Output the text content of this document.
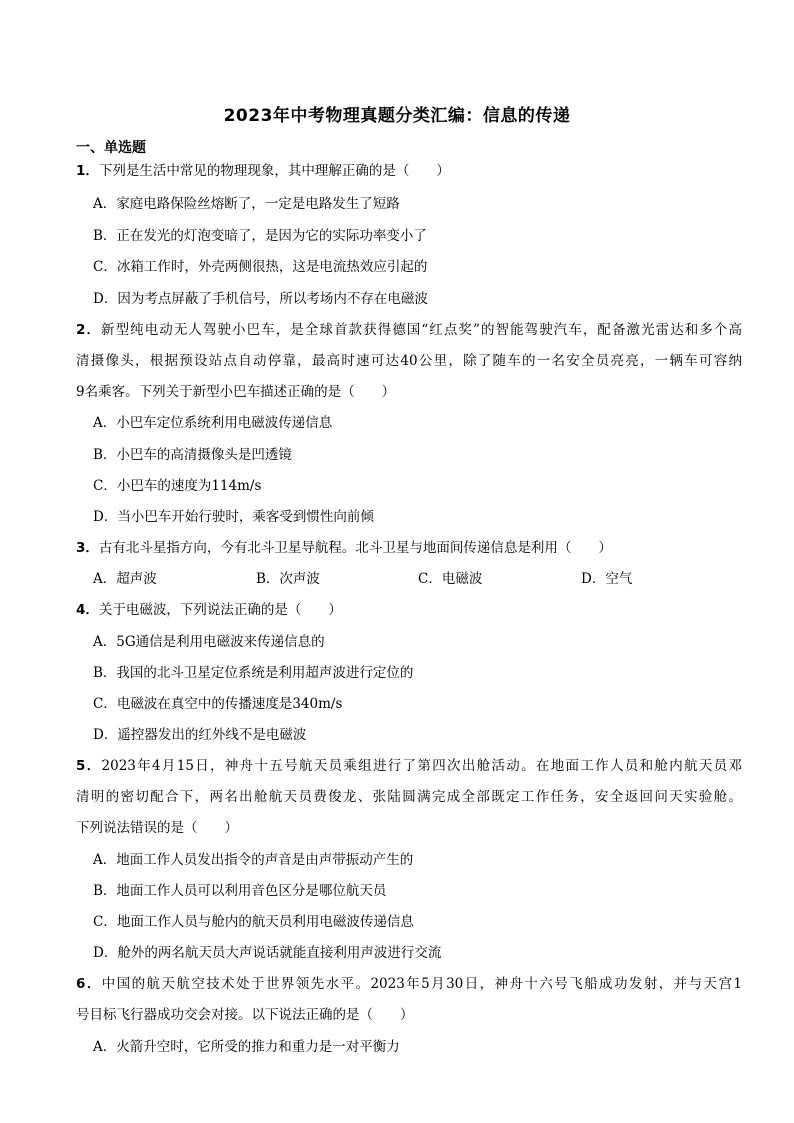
2023年中考物理真题分类汇编：信息的传递
一、单选题
1．下列是生活中常见的物理现象，其中理解正确的是（　　）
A．家庭电路保险丝熔断了，一定是电路发生了短路
B．正在发光的灯泡变暗了，是因为它的实际功率变小了
C．冰箱工作时，外壳两侧很热，这是电流热效应引起的
D．因为考点屏蔽了手机信号，所以考场内不存在电磁波
2．新型纯电动无人驾驶小巴车，是全球首款获得德国“红点奖”的智能驾驶汽车，配备激光雷达和多个高
清摄像头，根据预设站点自动停靠，最高时速可达40公里，除了随车的一名安全员亮亮，一辆车可容纳
9名乘客。下列关于新型小巴车描述正确的是（　　）
A．小巴车定位系统利用电磁波传递信息
B．小巴车的高清摄像头是凹透镜
C．小巴车的速度为114m/s
D．当小巴车开始行驶时，乘客受到惯性向前倾
3．古有北斗星指方向，今有北斗卫星导航程。北斗卫星与地面间传递信息是利用（　　）
A．超声波	B．次声波	C．电磁波	D．空气
4．关于电磁波，下列说法正确的是（　　）
A．5G通信是利用电磁波来传递信息的
B．我国的北斗卫星定位系统是利用超声波进行定位的
C．电磁波在真空中的传播速度是340m/s
D．遥控器发出的红外线不是电磁波
5．2023年4月15日，神舟十五号航天员乘组进行了第四次出舱活动。在地面工作人员和舱内航天员邓
清明的密切配合下，两名出舱航天员费俊龙、张陆圆满完成全部既定工作任务，安全返回问天实验舱。
下列说法错误的是（　　）
A．地面工作人员发出指令的声音是由声带振动产生的
B．地面工作人员可以利用音色区分是哪位航天员
C．地面工作人员与舱内的航天员利用电磁波传递信息
D．舱外的两名航天员大声说话就能直接利用声波进行交流
6．中国的航天航空技术处于世界领先水平。2023年5月30日，神舟十六号飞船成功发射，并与天宫1
号目标飞行器成功交会对接。以下说法正确的是（　　）
A．火箭升空时，它所受的推力和重力是一对平衡力
